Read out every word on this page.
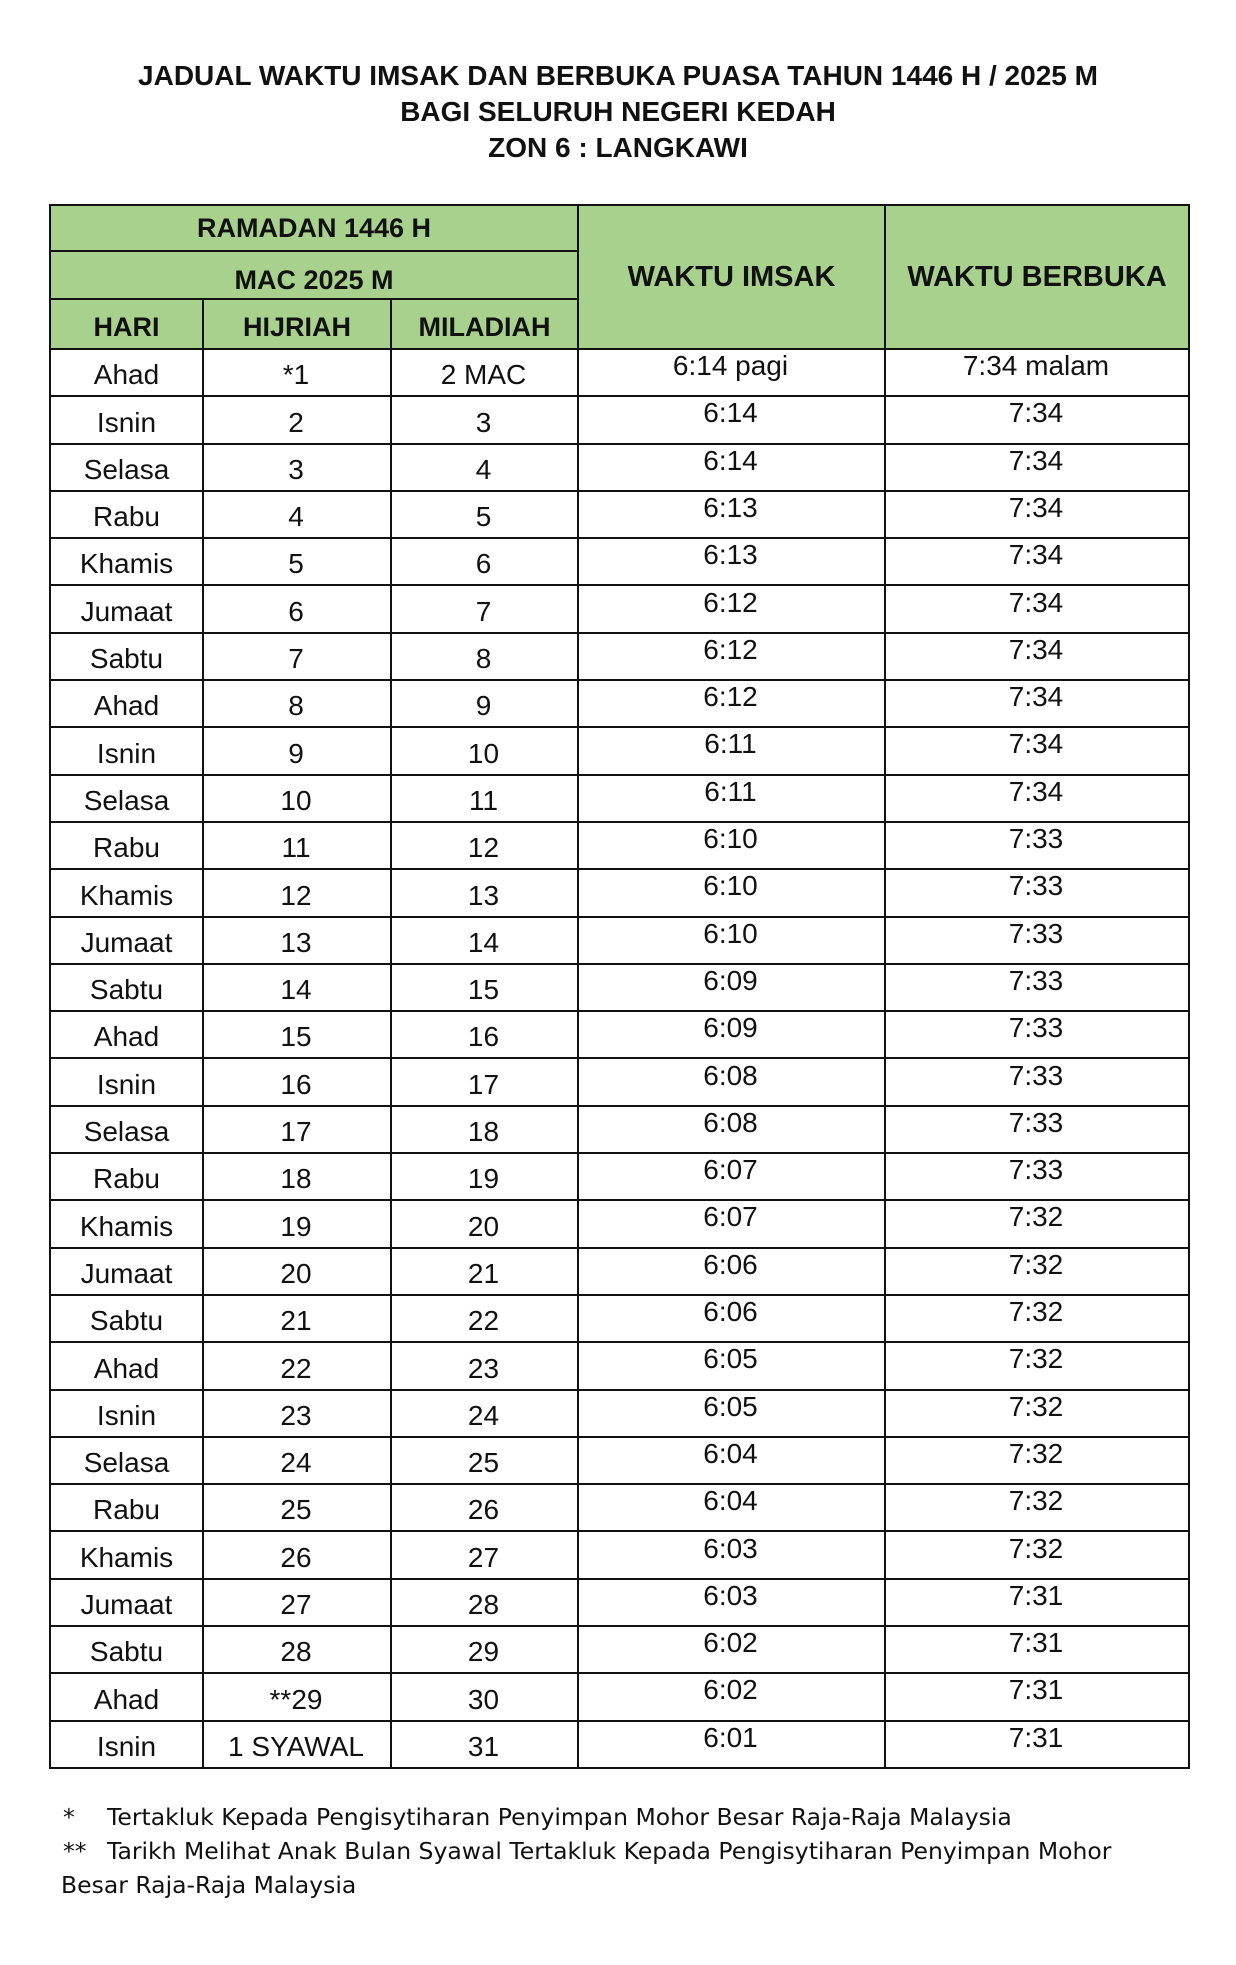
JADUAL WAKTU IMSAK DAN BERBUKA PUASA TAHUN 1446 H / 2025 M
BAGI SELURUH NEGERI KEDAH
ZON 6 : LANGKAWI
RAMADAN 1446 H
MAC 2025 M
HARI	HIJRIAH	MILADIAH
WAKTU IMSAK	WAKTU BERBUKA
Ahad	*1	2 MAC	6:14 pagi	7:34 malam
Isnin	2	3	6:14	7:34
Selasa	3	4	6:14	7:34
Rabu	4	5	6:13	7:34
Khamis	5	6	6:13	7:34
Jumaat	6	7	6:12	7:34
Sabtu	7	8	6:12	7:34
Ahad	8	9	6:12	7:34
Isnin	9	10	6:11	7:34
Selasa	10	11	6:11	7:34
Rabu	11	12	6:10	7:33
Khamis	12	13	6:10	7:33
Jumaat	13	14	6:10	7:33
Sabtu	14	15	6:09	7:33
Ahad	15	16	6:09	7:33
Isnin	16	17	6:08	7:33
Selasa	17	18	6:08	7:33
Rabu	18	19	6:07	7:33
Khamis	19	20	6:07	7:32
Jumaat	20	21	6:06	7:32
Sabtu	21	22	6:06	7:32
Ahad	22	23	6:05	7:32
Isnin	23	24	6:05	7:32
Selasa	24	25	6:04	7:32
Rabu	25	26	6:04	7:32
Khamis	26	27	6:03	7:32
Jumaat	27	28	6:03	7:31
Sabtu	28	29	6:02	7:31
Ahad	**29	30	6:02	7:31
Isnin	1 SYAWAL	31	6:01	7:31
* Tertakluk Kepada Pengisytiharan Penyimpan Mohor Besar Raja-Raja Malaysia
** Tarikh Melihat Anak Bulan Syawal Tertakluk Kepada Pengisytiharan Penyimpan Mohor
Besar Raja-Raja Malaysia
